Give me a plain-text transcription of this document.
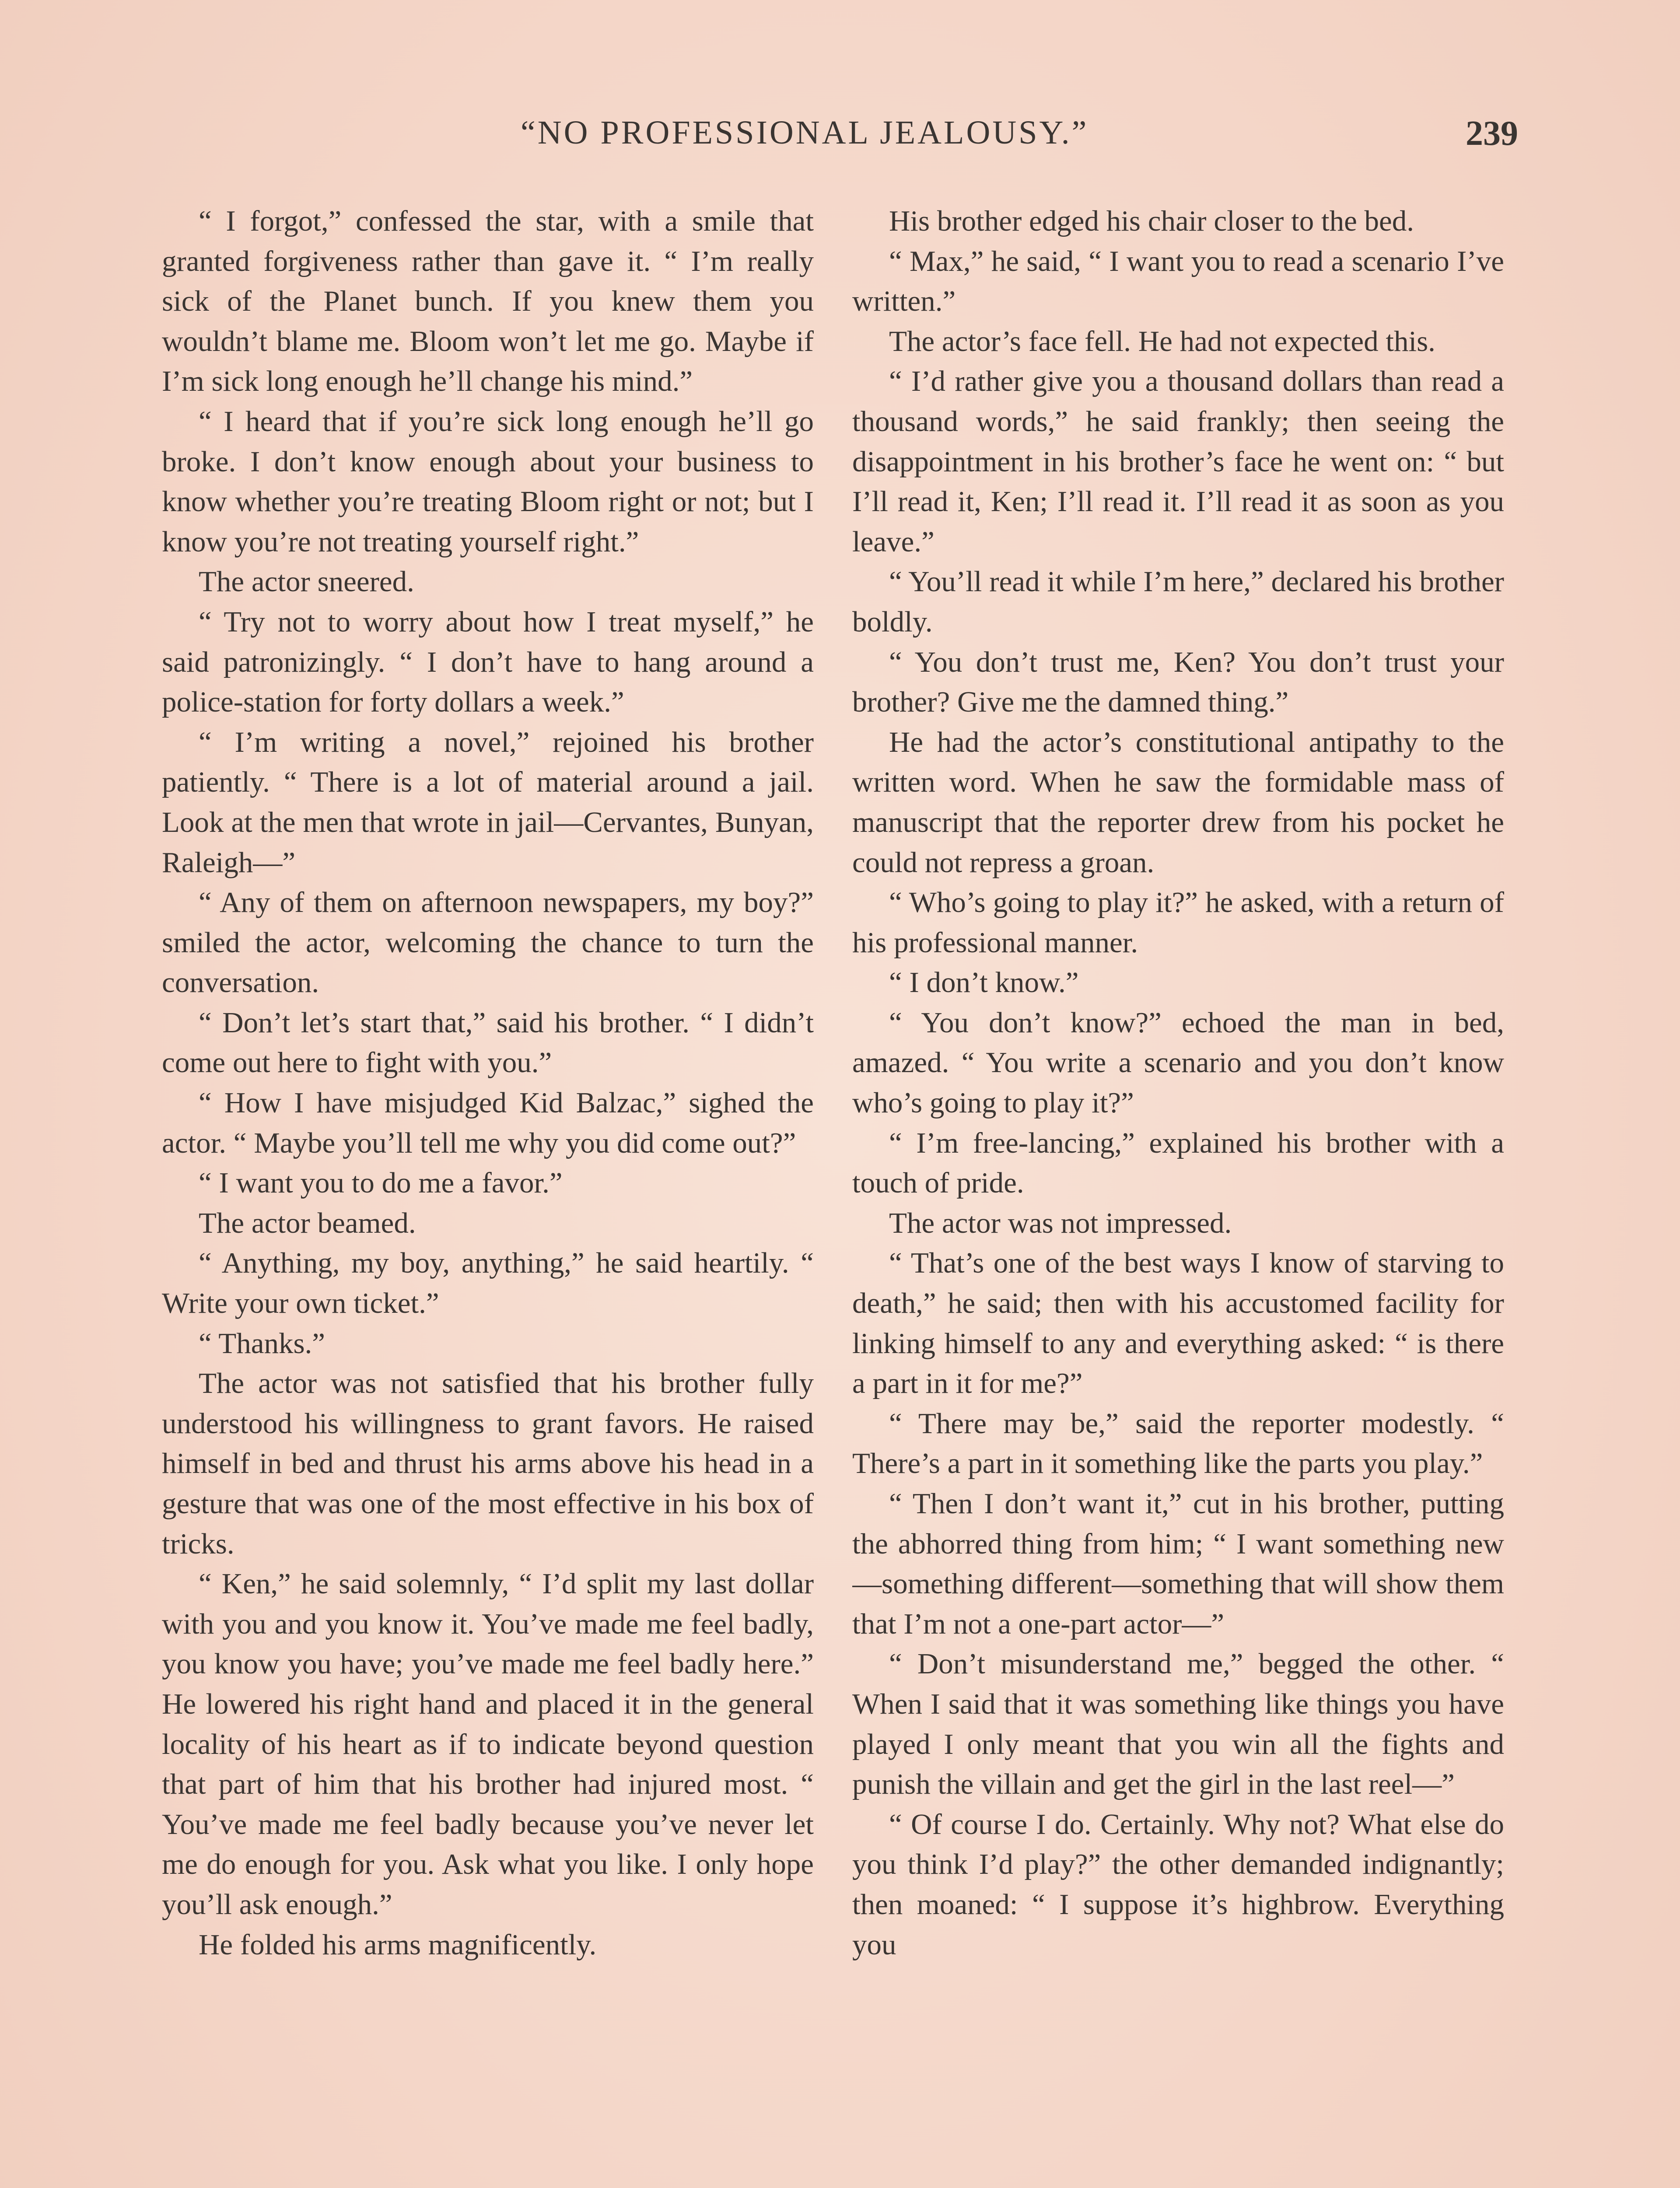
“NO PROFESSIONAL JEALOUSY.”	239

“ I forgot,” confessed the star, with a smile that granted forgiveness rather than gave it. “ I’m really sick of the Planet bunch. If you knew them you wouldn’t blame me. Bloom won’t let me go. Maybe if I’m sick long enough he’ll change his mind.”

“ I heard that if you’re sick long enough he’ll go broke. I don’t know enough about your business to know whether you’re treating Bloom right or not; but I know you’re not treating yourself right.”

The actor sneered.

“ Try not to worry about how I treat myself,” he said patronizingly. “ I don’t have to hang around a police-station for forty dollars a week.”

“ I’m writing a novel,” rejoined his brother patiently. “ There is a lot of material around a jail. Look at the men that wrote in jail—Cervantes, Bunyan, Raleigh—”

“ Any of them on afternoon newspapers, my boy?” smiled the actor, welcoming the chance to turn the conversation.

“ Don’t let’s start that,” said his brother. “ I didn’t come out here to fight with you.”

“ How I have misjudged Kid Balzac,” sighed the actor. “ Maybe you’ll tell me why you did come out?”

“ I want you to do me a favor.”

The actor beamed.

“ Anything, my boy, anything,” he said heartily. “ Write your own ticket.”

“ Thanks.”

The actor was not satisfied that his brother fully understood his willingness to grant favors. He raised himself in bed and thrust his arms above his head in a gesture that was one of the most effective in his box of tricks.

“ Ken,” he said solemnly, “ I’d split my last dollar with you and you know it. You’ve made me feel badly, you know you have; you’ve made me feel badly here.” He lowered his right hand and placed it in the general locality of his heart as if to indicate beyond question that part of him that his brother had injured most. “ You’ve made me feel badly because you’ve never let me do enough for you. Ask what you like. I only hope you’ll ask enough.”

He folded his arms magnificently.

His brother edged his chair closer to the bed.

“ Max,” he said, “ I want you to read a scenario I’ve written.”

The actor’s face fell. He had not expected this.

“ I’d rather give you a thousand dollars than read a thousand words,” he said frankly; then seeing the disappointment in his brother’s face he went on: “ but I’ll read it, Ken; I’ll read it. I’ll read it as soon as you leave.”

“ You’ll read it while I’m here,” declared his brother boldly.

“ You don’t trust me, Ken? You don’t trust your brother? Give me the damned thing.”

He had the actor’s constitutional antipathy to the written word. When he saw the formidable mass of manuscript that the reporter drew from his pocket he could not repress a groan.

“ Who’s going to play it?” he asked, with a return of his professional manner.

“ I don’t know.”

“ You don’t know?” echoed the man in bed, amazed. “ You write a scenario and you don’t know who’s going to play it?”

“ I’m free-lancing,” explained his brother with a touch of pride.

The actor was not impressed.

“ That’s one of the best ways I know of starving to death,” he said; then with his accustomed facility for linking himself to any and everything asked: “ is there a part in it for me?”

“ There may be,” said the reporter modestly. “ There’s a part in it something like the parts you play.”

“ Then I don’t want it,” cut in his brother, putting the abhorred thing from him; “ I want something new—something different—something that will show them that I’m not a one-part actor—”

“ Don’t misunderstand me,” begged the other. “ When I said that it was something like things you have played I only meant that you win all the fights and punish the villain and get the girl in the last reel—”

“ Of course I do. Certainly. Why not? What else do you think I’d play?” the other demanded indignantly; then moaned: “ I suppose it’s highbrow. Everything you
